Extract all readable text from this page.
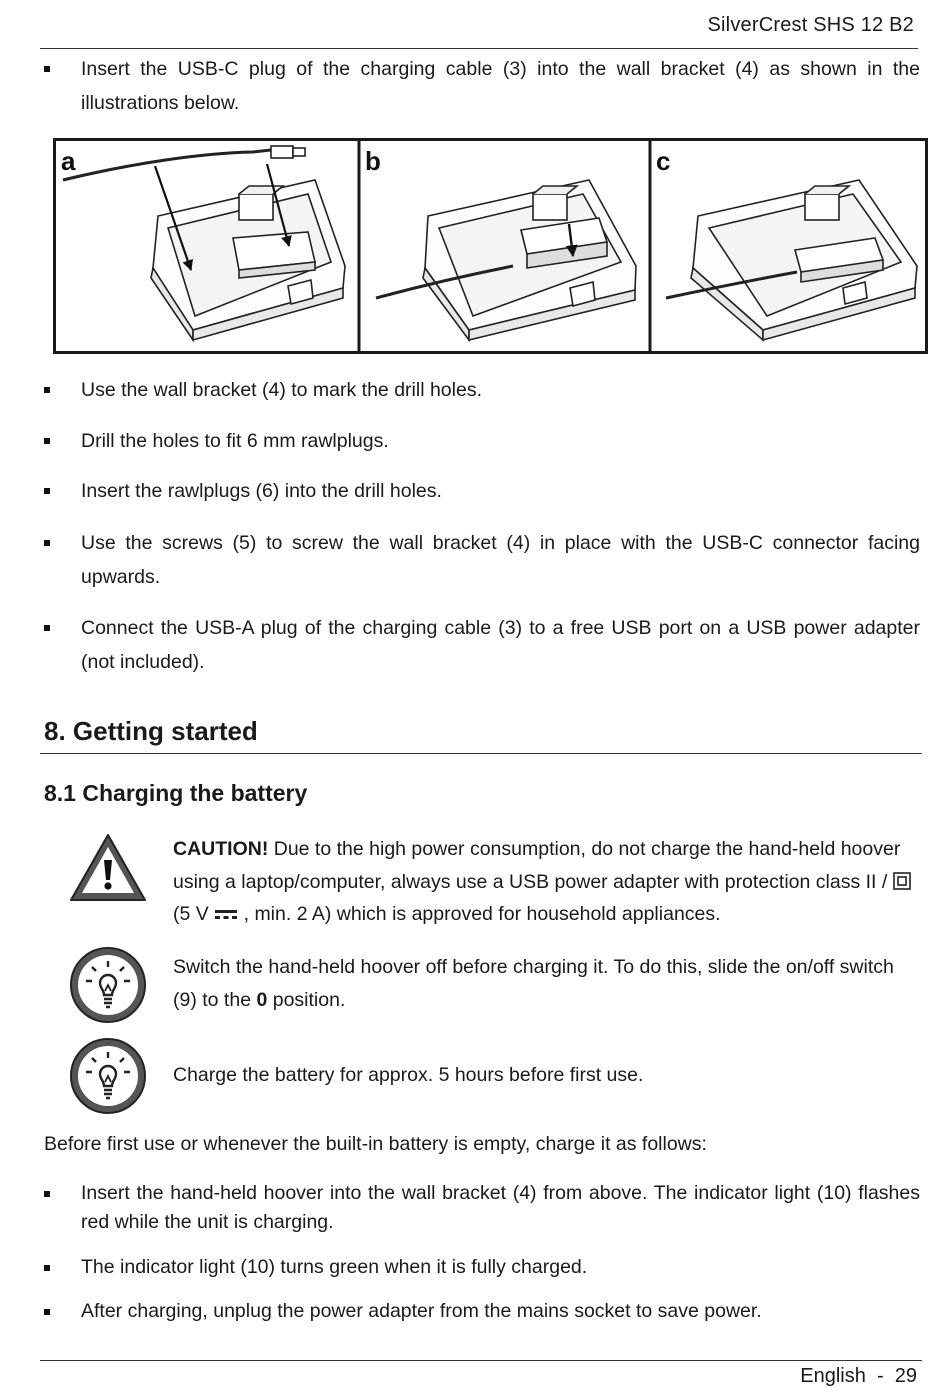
SilverCrest SHS 12 B2
Insert the USB-C plug of the charging cable (3) into the wall bracket (4) as shown in the illustrations below.
a	b	c
Use the wall bracket (4) to mark the drill holes.
Drill the holes to fit 6 mm rawlplugs.
Insert the rawlplugs (6) into the drill holes.
Use the screws (5) to screw the wall bracket (4) in place with the USB-C connector facing upwards.
Connect the USB-A plug of the charging cable (3) to a free USB port on a USB power adapter (not included).
8. Getting started
8.1 Charging the battery
CAUTION! Due to the high power consumption, do not charge the hand-held hoover using a laptop/computer, always use a USB power adapter with protection class II /  (5 V  , min. 2 A) which is approved for household appliances.
Switch the hand-held hoover off before charging it. To do this, slide the on/off switch (9) to the 0 position.
Charge the battery for approx. 5 hours before first use.
Before first use or whenever the built-in battery is empty, charge it as follows:
Insert the hand-held hoover into the wall bracket (4) from above. The indicator light (10) flashes red while the unit is charging.
The indicator light (10) turns green when it is fully charged.
After charging, unplug the power adapter from the mains socket to save power.
English  -  29
